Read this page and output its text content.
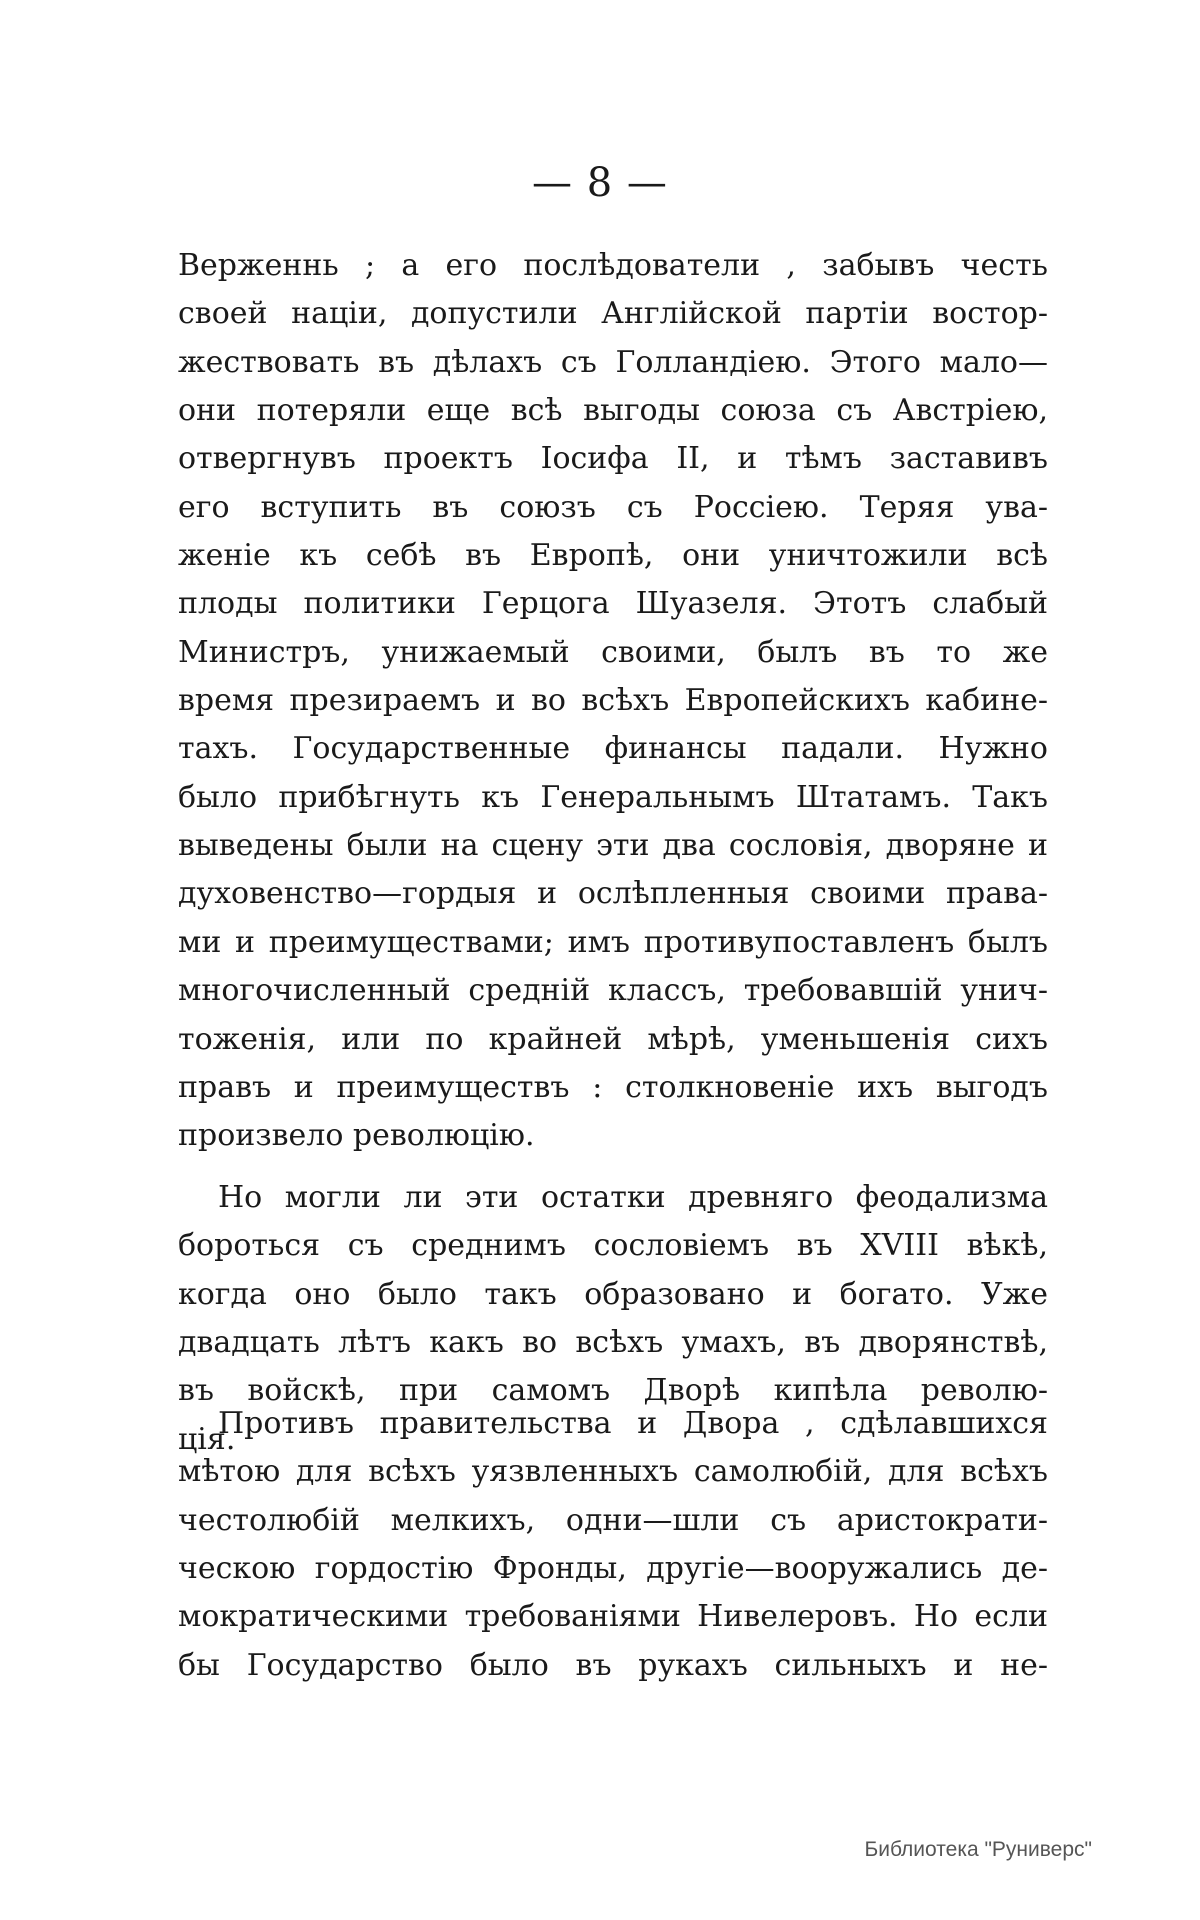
— 8 —
Верженнь ; а его послѣдователи , забывъ честь
своей націи, допустили Англійской партіи востор-
жествовать въ дѣлахъ съ Голландіею. Этого мало—
они потеряли еще всѣ выгоды союза съ Австріею,
отвергнувъ проектъ Іосифа II, и тѣмъ заставивъ
его вступить въ союзъ съ Россіею. Теряя ува-
женіе къ себѣ въ Европѣ, они уничтожили всѣ
плоды политики Герцога Шуазеля. Этотъ слабый
Министръ, унижаемый своими, былъ въ то же
время презираемъ и во всѣхъ Европейскихъ кабине-
тахъ. Государственные финансы падали. Нужно
было прибѣгнуть къ Генеральнымъ Штатамъ. Такъ
выведены были на сцену эти два сословія, дворяне и
духовенство—гордыя и ослѣпленныя своими права-
ми и преимуществами; имъ противупоставленъ былъ
многочисленный средній классъ, требовавшій унич-
тоженія, или по крайней мѣрѣ, уменьшенія сихъ
правъ и преимуществъ : столкновеніе ихъ выгодъ
произвело революцію.
Но могли ли эти остатки древняго феодализма
бороться съ среднимъ сословіемъ въ XVIII вѣкѣ,
когда оно было такъ образовано и богато. Уже
двадцать лѣтъ какъ во всѣхъ умахъ, въ дворянствѣ,
въ войскѣ, при самомъ Дворѣ кипѣла револю-
ція.
Противъ правительства и Двора , сдѣлавшихся
мѣтою для всѣхъ уязвленныхъ самолюбій, для всѣхъ
честолюбій мелкихъ, одни—шли съ аристократи-
ческою гордостію Фронды, другіе—вооружались де-
мократическими требованіями Нивелеровъ. Но если
бы Государство было въ рукахъ сильныхъ и не-
Библиотека "Руниверс"
